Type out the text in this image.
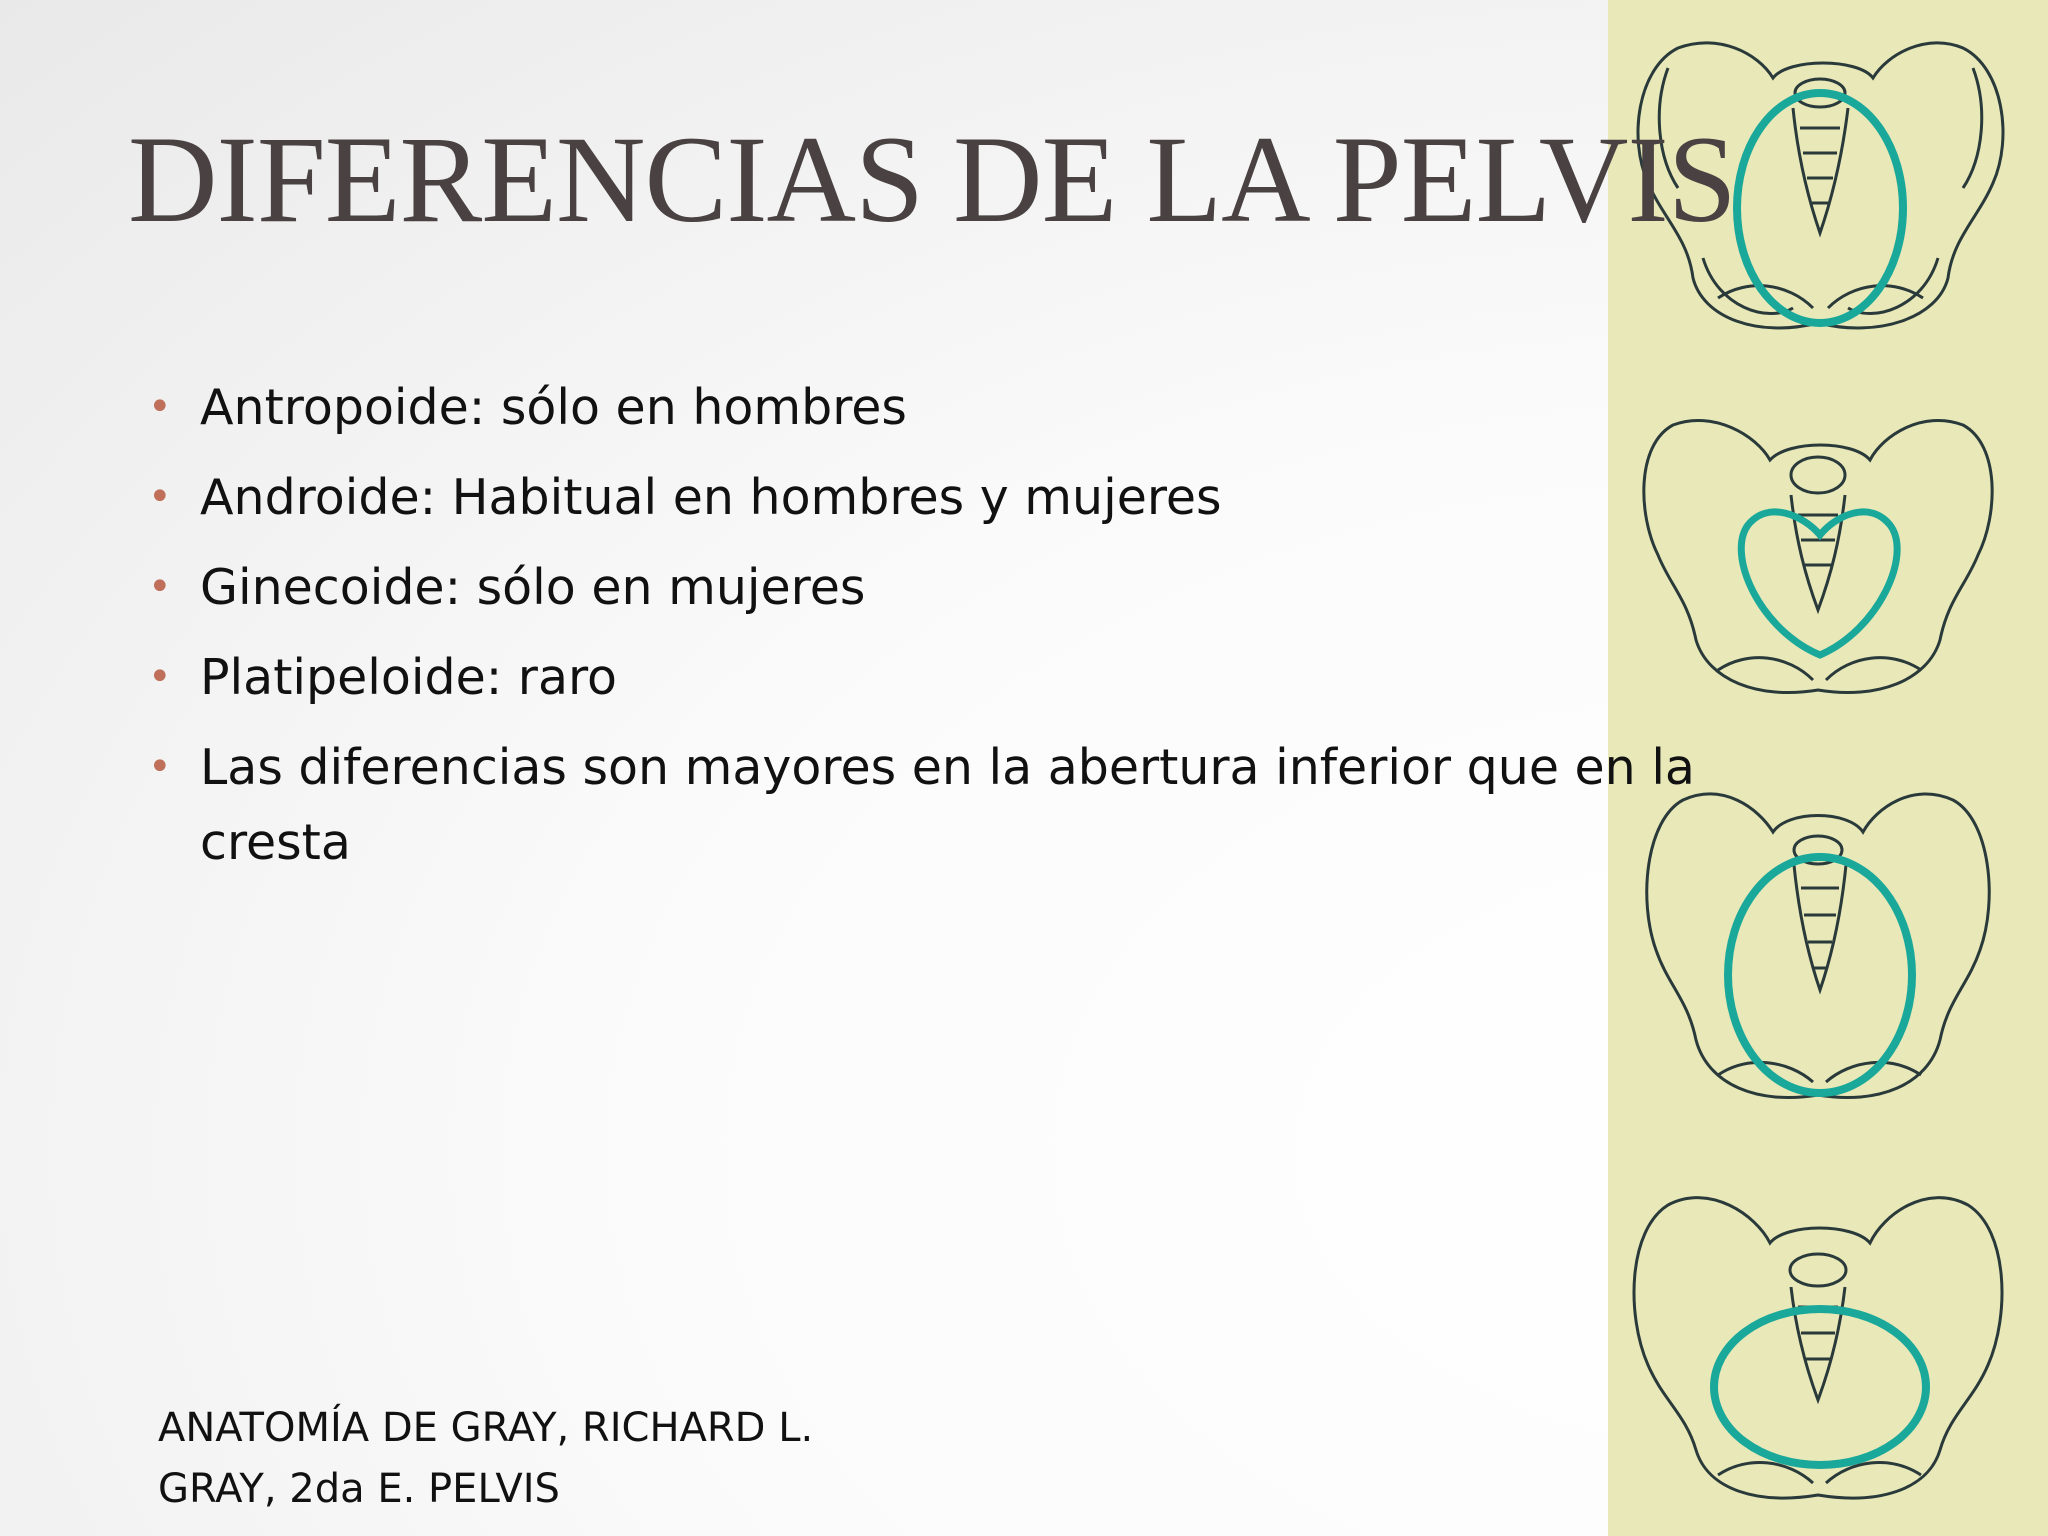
DIFERENCIAS DE LA PELVIS
• Antropoide: sólo en hombres
• Androide: Habitual en hombres y mujeres
• Ginecoide: sólo en mujeres
• Platipeloide: raro
• Las diferencias son mayores en la abertura inferior que en la cresta
ANATOMÍA DE GRAY, RICHARD L.
GRAY, 2da E. PELVIS
